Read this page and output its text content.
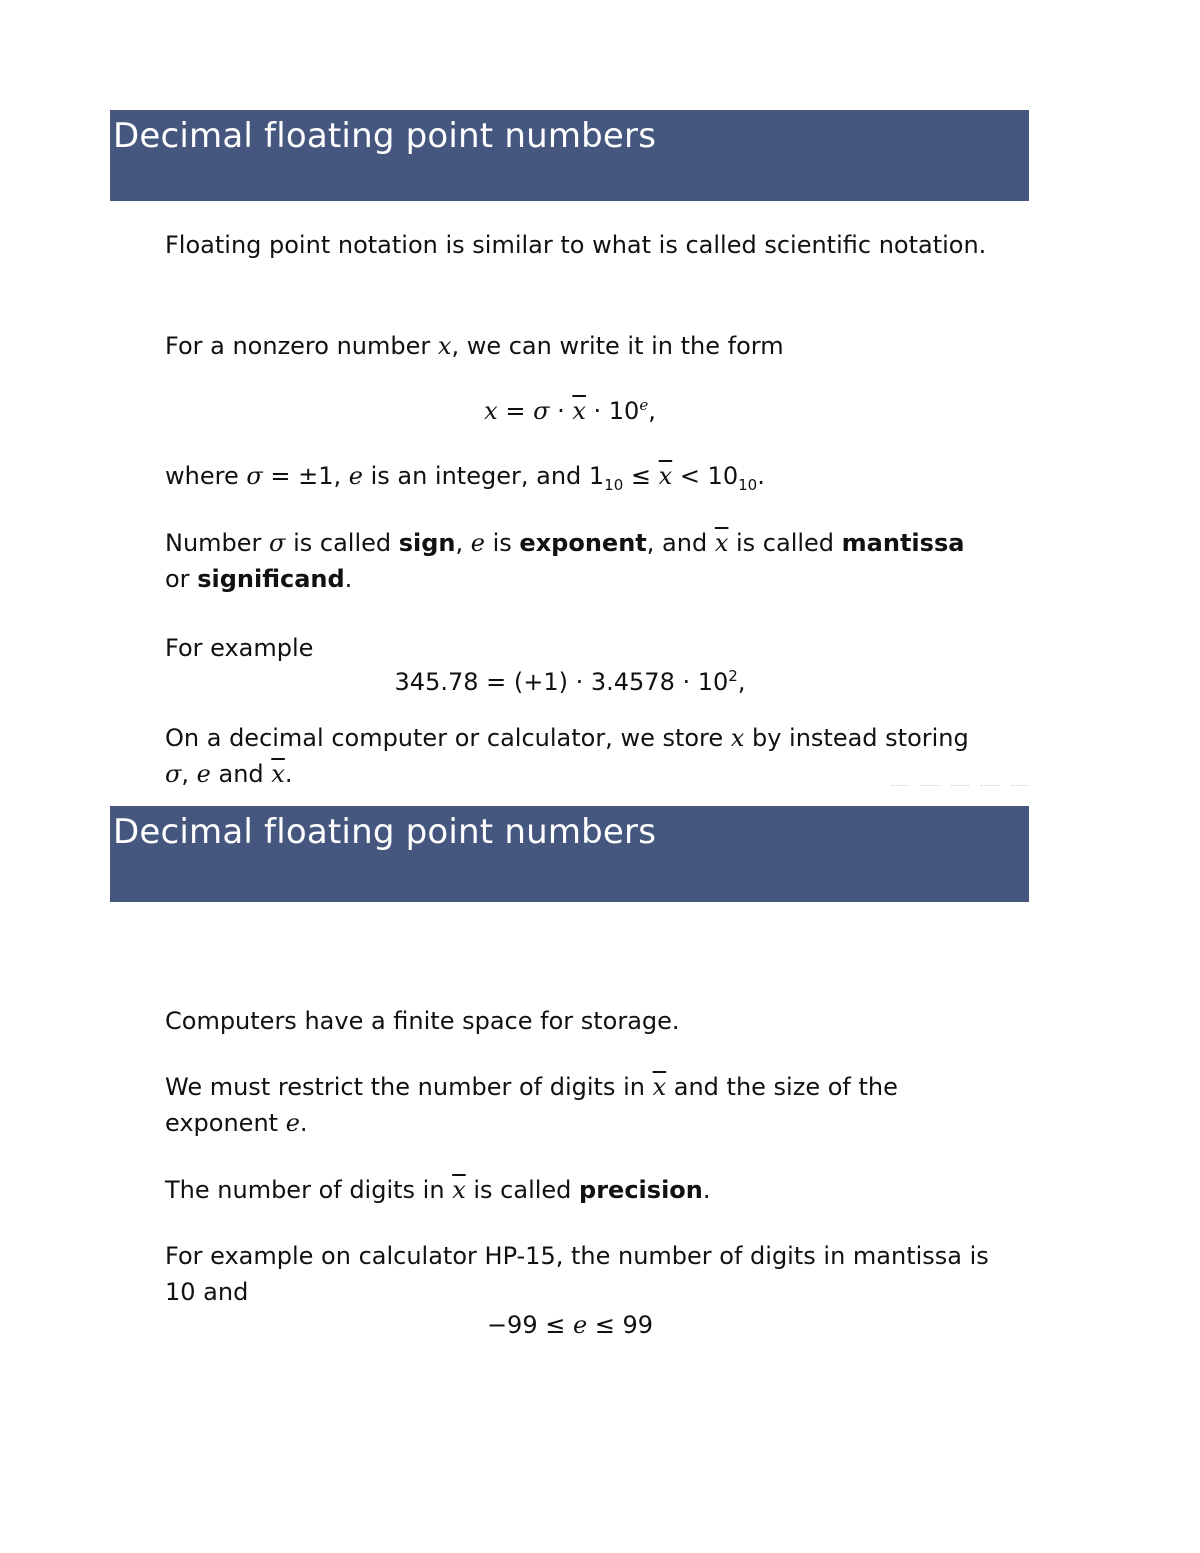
Decimal floating point numbers

Floating point notation is similar to what is called scientific notation.

For a nonzero number x, we can write it in the form

$x = \sigma \cdot \overline{x} \cdot 10^e$,

where σ = ±1, e is an integer, and $1_{10} \le \overline{x} < 10_{10}$.

Number σ is called sign, e is exponent, and $\overline{x}$ is called mantissa or significand.

For example

$345.78 = (+1) \cdot 3.4578 \cdot 10^2$,

On a decimal computer or calculator, we store x by instead storing σ, e and $\overline{x}$.

Decimal floating point numbers

Computers have a finite space for storage.

We must restrict the number of digits in $\overline{x}$ and the size of the exponent e.

The number of digits in $\overline{x}$ is called precision.

For example on calculator HP-15, the number of digits in mantissa is 10 and

−99 ≤ e ≤ 99
